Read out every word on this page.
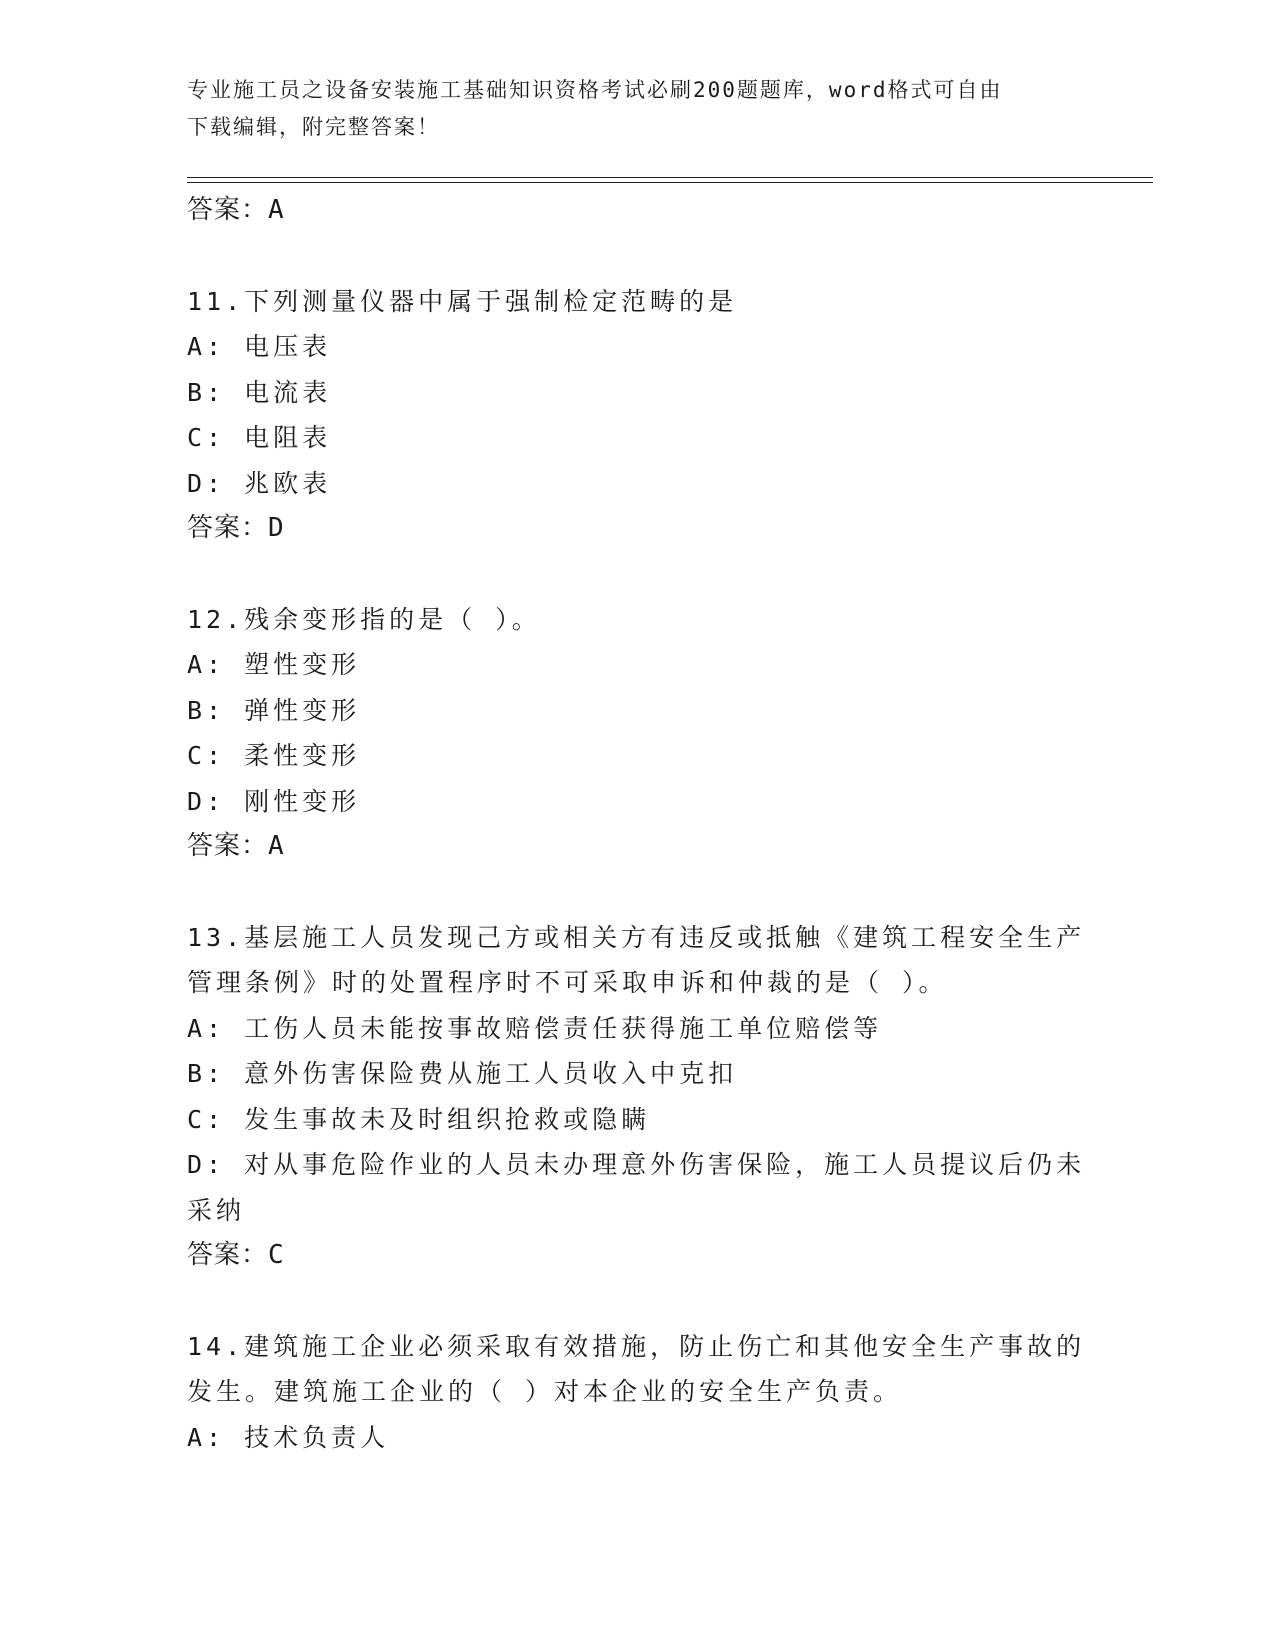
专业施工员之设备安装施工基础知识资格考试必刷200题题库，word格式可自由
下载编辑，附完整答案！
答案：A
11.下列测量仪器中属于强制检定范畴的是
A: 电压表
B: 电流表
C: 电阻表
D: 兆欧表
答案：D
12.残余变形指的是（ ）。
A: 塑性变形
B: 弹性变形
C: 柔性变形
D: 刚性变形
答案：A
13.基层施工人员发现己方或相关方有违反或抵触《建筑工程安全生产
管理条例》时的处置程序时不可采取申诉和仲裁的是（ ）。
A: 工伤人员未能按事故赔偿责任获得施工单位赔偿等
B: 意外伤害保险费从施工人员收入中克扣
C: 发生事故未及时组织抢救或隐瞒
D: 对从事危险作业的人员未办理意外伤害保险，施工人员提议后仍未
采纳
答案：C
14.建筑施工企业必须采取有效措施，防止伤亡和其他安全生产事故的
发生。建筑施工企业的（ ）对本企业的安全生产负责。
A: 技术负责人
